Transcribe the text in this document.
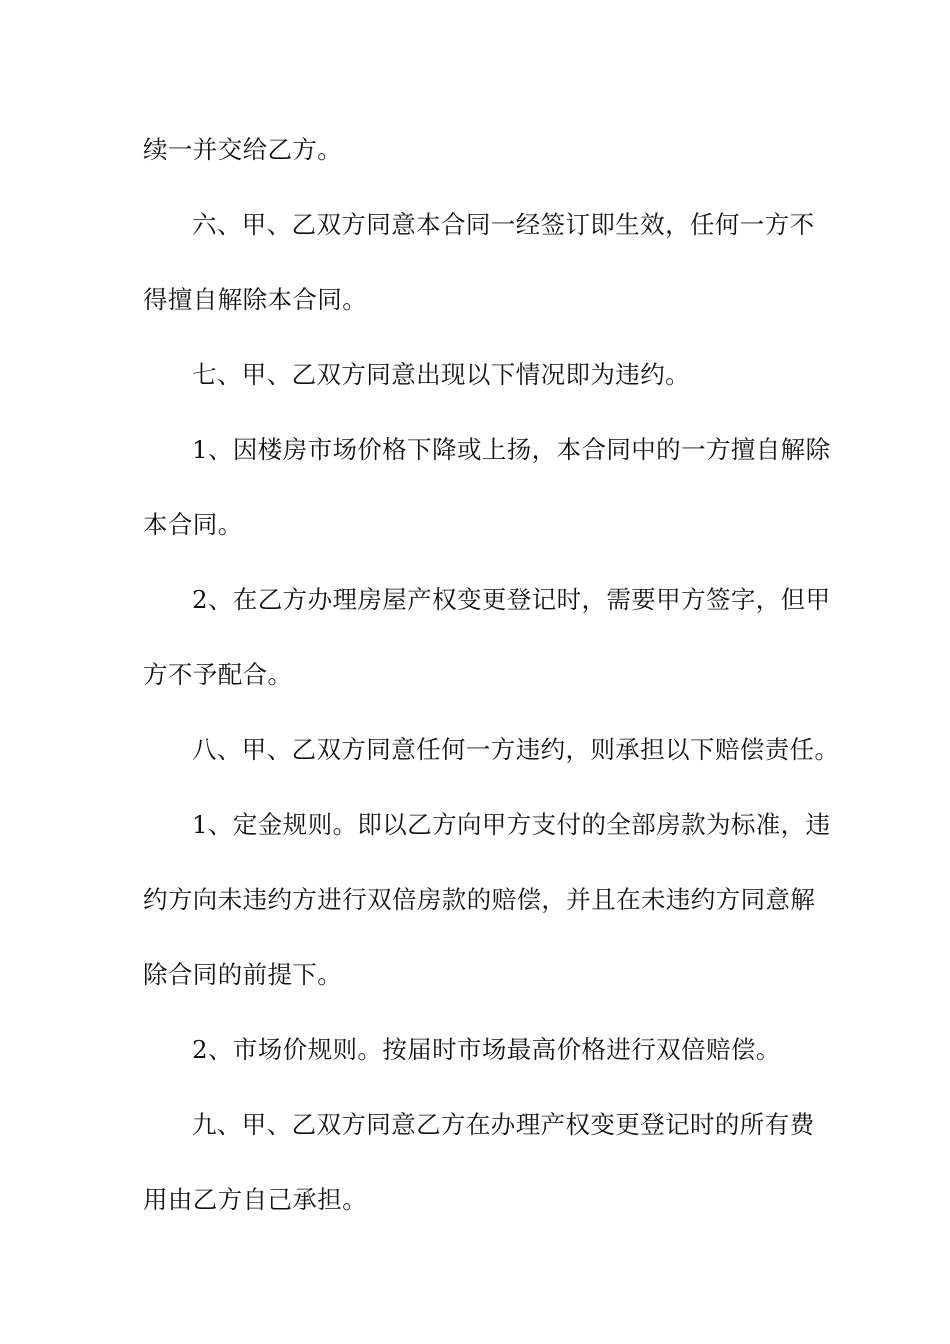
续一并交给乙方。
六、甲、乙双方同意本合同一经签订即生效，任何一方不
得擅自解除本合同。
七、甲、乙双方同意出现以下情况即为违约。
1、因楼房市场价格下降或上扬，本合同中的一方擅自解除
本合同。
2、在乙方办理房屋产权变更登记时，需要甲方签字，但甲
方不予配合。
八、甲、乙双方同意任何一方违约，则承担以下赔偿责任。
1、定金规则。即以乙方向甲方支付的全部房款为标准，违
约方向未违约方进行双倍房款的赔偿，并且在未违约方同意解
除合同的前提下。
2、市场价规则。按届时市场最高价格进行双倍赔偿。
九、甲、乙双方同意乙方在办理产权变更登记时的所有费
用由乙方自己承担。
